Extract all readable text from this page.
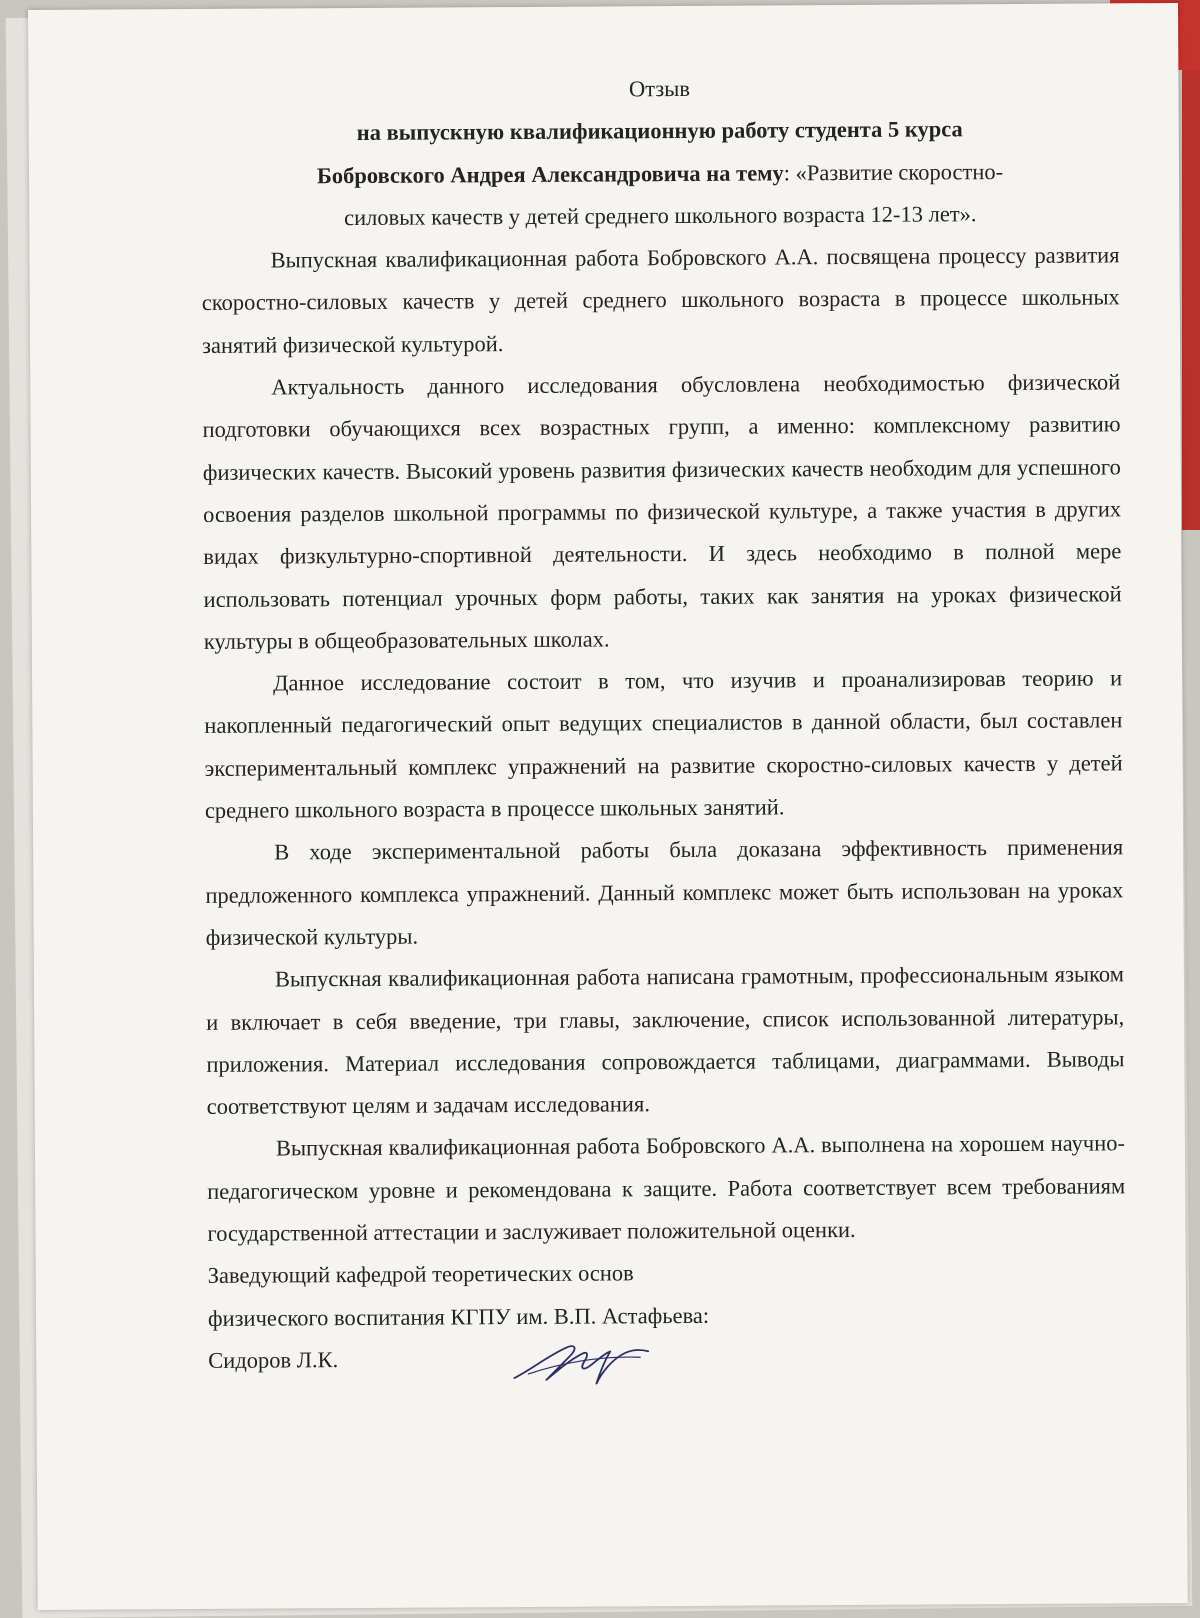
Отзыв
на выпускную квалификационную работу студента 5 курса
Бобровского Андрея Александровича на тему: «Развитие скоростно-
силовых качеств у детей среднего школьного возраста 12-13 лет».

Выпускная квалификационная работа Бобровского А.А. посвящена процессу развития скоростно-силовых качеств у детей среднего школьного возраста в процессе школьных занятий физической культурой.

Актуальность данного исследования обусловлена необходимостью физической подготовки обучающихся всех возрастных групп, а именно: комплексному развитию физических качеств. Высокий уровень развития физических качеств необходим для успешного освоения разделов школьной программы по физической культуре, а также участия в других видах физкультурно-спортивной деятельности. И здесь необходимо в полной мере использовать потенциал урочных форм работы, таких как занятия на уроках физической культуры в общеобразовательных школах.

Данное исследование состоит в том, что изучив и проанализировав теорию и накопленный педагогический опыт ведущих специалистов в данной области, был составлен экспериментальный комплекс упражнений на развитие скоростно-силовых качеств у детей среднего школьного возраста в процессе школьных занятий.

В ходе экспериментальной работы была доказана эффективность применения предложенного комплекса упражнений. Данный комплекс может быть использован на уроках физической культуры.

Выпускная квалификационная работа написана грамотным, профессиональным языком и включает в себя введение, три главы, заключение, список использованной литературы, приложения. Материал исследования сопровождается таблицами, диаграммами. Выводы соответствуют целям и задачам исследования.

Выпускная квалификационная работа Бобровского А.А. выполнена на хорошем научно-педагогическом уровне и рекомендована к защите. Работа соответствует всем требованиям государственной аттестации и заслуживает положительной оценки.

Заведующий кафедрой теоретических основ

физического воспитания КГПУ им. В.П. Астафьева:

Сидоров Л.К.
